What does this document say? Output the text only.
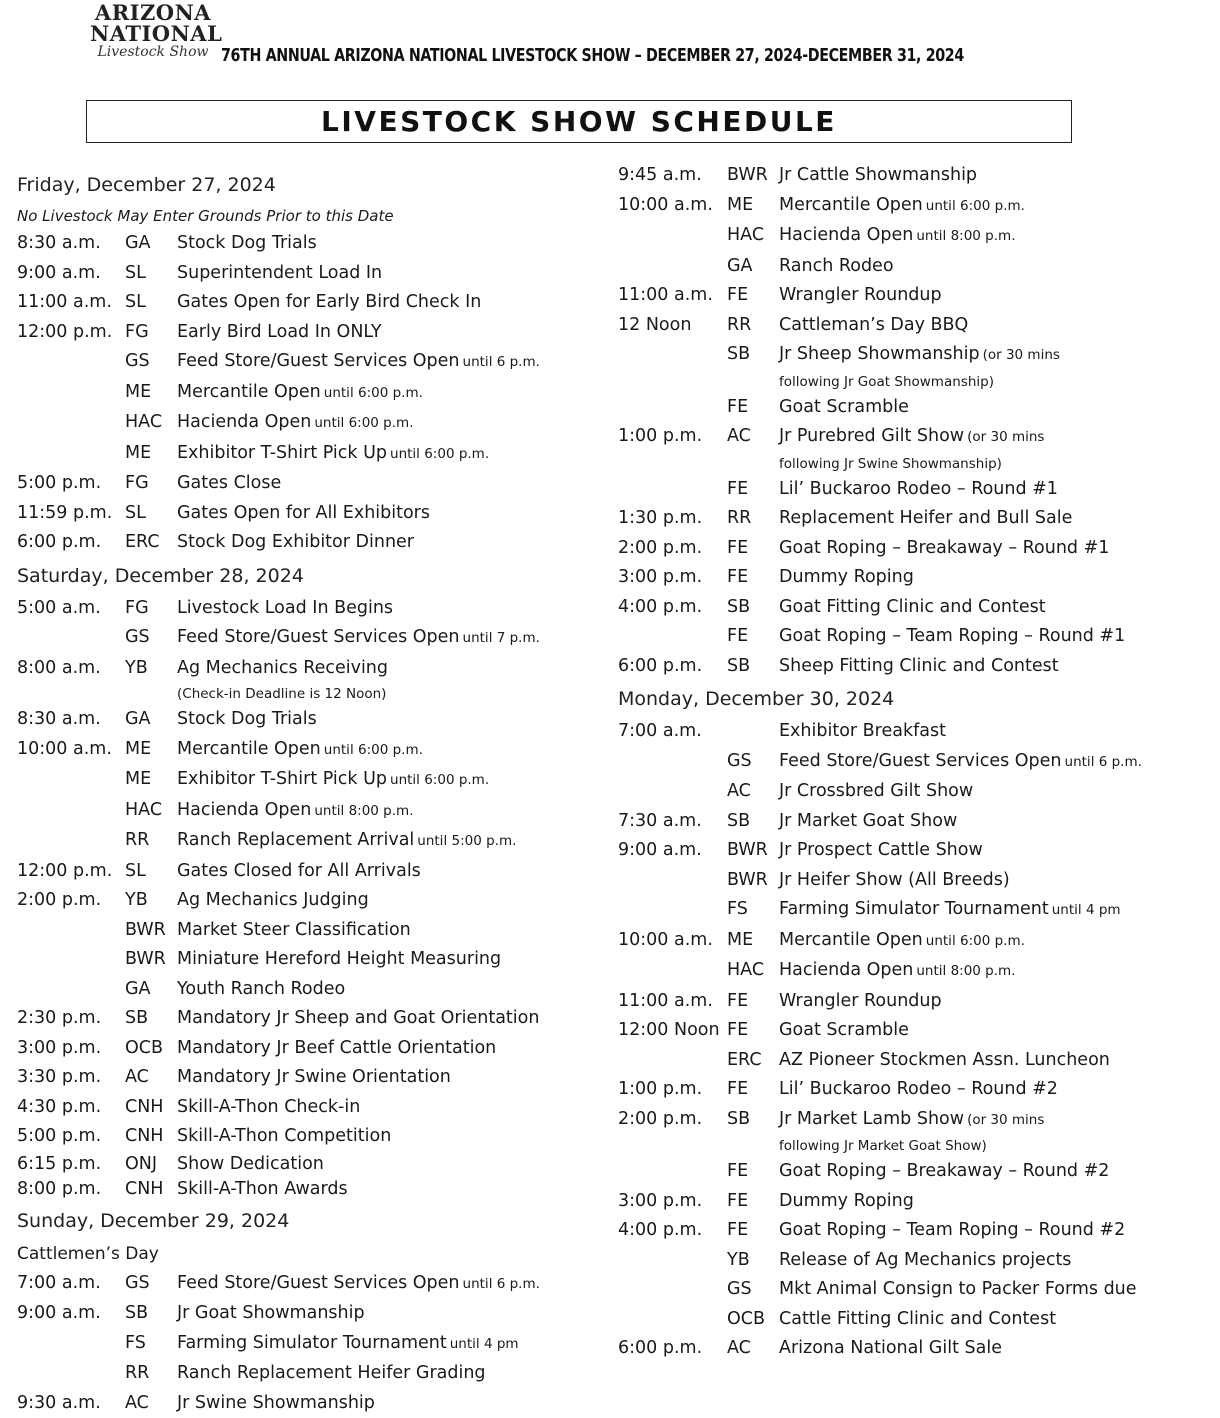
ARIZONA
NATIONAL
Livestock Show 76TH ANNUAL ARIZONA NATIONAL LIVESTOCK SHOW – DECEMBER 27, 2024-DECEMBER 31, 2024
LIVESTOCK SHOW SCHEDULE
Friday, December 27, 2024
No Livestock May Enter Grounds Prior to this Date
8:30 a.m.	GA	Stock Dog Trials
9:00 a.m.	SL	Superintendent Load In
11:00 a.m. SL	Gates Open for Early Bird Check In
12:00 p.m. FG	Early Bird Load In ONLY
GS	Feed Store/Guest Services Open until 6 p.m.
ME	Mercantile Open until 6:00 p.m.
HAC Hacienda Open until 6:00 p.m.
ME	Exhibitor T-Shirt Pick Up until 6:00 p.m.
5:00 p.m.	FG	Gates Close
11:59 p.m. SL	Gates Open for All Exhibitors
6:00 p.m.	ERC Stock Dog Exhibitor Dinner
Saturday, December 28, 2024
5:00 a.m.	FG	Livestock Load In Begins
GS	Feed Store/Guest Services Open until 7 p.m.
8:00 a.m.	YB	Ag Mechanics Receiving
(Check-in Deadline is 12 Noon)
8:30 a.m.	GA	Stock Dog Trials
10:00 a.m. ME	Mercantile Open until 6:00 p.m.
ME	Exhibitor T-Shirt Pick Up until 6:00 p.m.
HAC Hacienda Open until 8:00 p.m.
RR	Ranch Replacement Arrival until 5:00 p.m.
12:00 p.m. SL	Gates Closed for All Arrivals
2:00 p.m.	YB	Ag Mechanics Judging
BWR Market Steer Classification
BWR Miniature Hereford Height Measuring
GA	Youth Ranch Rodeo
2:30 p.m.	SB	Mandatory Jr Sheep and Goat Orientation
3:00 p.m.	OCB Mandatory Jr Beef Cattle Orientation
3:30 p.m.	AC	Mandatory Jr Swine Orientation
4:30 p.m.	CNH Skill-A-Thon Check-in
5:00 p.m.	CNH Skill-A-Thon Competition
6:15 p.m.	ONJ	Show Dedication
8:00 p.m.	CNH Skill-A-Thon Awards
Sunday, December 29, 2024
Cattlemen’s Day
7:00 a.m.	GS	Feed Store/Guest Services Open until 6 p.m.
9:00 a.m.	SB	Jr Goat Showmanship
FS	Farming Simulator Tournament until 4 pm
RR	Ranch Replacement Heifer Grading
9:30 a.m.	AC	Jr Swine Showmanship
9:45 a.m.	BWR Jr Cattle Showmanship
10:00 a.m. ME	Mercantile Open until 6:00 p.m.
HAC Hacienda Open until 8:00 p.m.
GA	Ranch Rodeo
11:00 a.m. FE	Wrangler Roundup
12 Noon	RR	Cattleman’s Day BBQ
SB	Jr Sheep Showmanship (or 30 mins
following Jr Goat Showmanship)
FE	Goat Scramble
1:00 p.m.	AC	Jr Purebred Gilt Show (or 30 mins
following Jr Swine Showmanship)
FE	Lil’ Buckaroo Rodeo – Round #1
1:30 p.m.	RR	Replacement Heifer and Bull Sale
2:00 p.m.	FE	Goat Roping – Breakaway – Round #1
3:00 p.m.	FE	Dummy Roping
4:00 p.m.	SB	Goat Fitting Clinic and Contest
FE	Goat Roping – Team Roping – Round #1
6:00 p.m.	SB	Sheep Fitting Clinic and Contest
Monday, December 30, 2024
7:00 a.m.	Exhibitor Breakfast
GS	Feed Store/Guest Services Open until 6 p.m.
AC	Jr Crossbred Gilt Show
7:30 a.m.	SB	Jr Market Goat Show
9:00 a.m.	BWR Jr Prospect Cattle Show
BWR Jr Heifer Show (All Breeds)
FS	Farming Simulator Tournament until 4 pm
10:00 a.m. ME	Mercantile Open until 6:00 p.m.
HAC Hacienda Open until 8:00 p.m.
11:00 a.m. FE	Wrangler Roundup
12:00 Noon FE	Goat Scramble
ERC AZ Pioneer Stockmen Assn. Luncheon
1:00 p.m.	FE	Lil’ Buckaroo Rodeo – Round #2
2:00 p.m.	SB	Jr Market Lamb Show (or 30 mins
following Jr Market Goat Show)
FE	Goat Roping – Breakaway – Round #2
3:00 p.m.	FE	Dummy Roping
4:00 p.m.	FE	Goat Roping – Team Roping – Round #2
YB	Release of Ag Mechanics projects
GS	Mkt Animal Consign to Packer Forms due
OCB Cattle Fitting Clinic and Contest
6:00 p.m.	AC	Arizona National Gilt Sale
